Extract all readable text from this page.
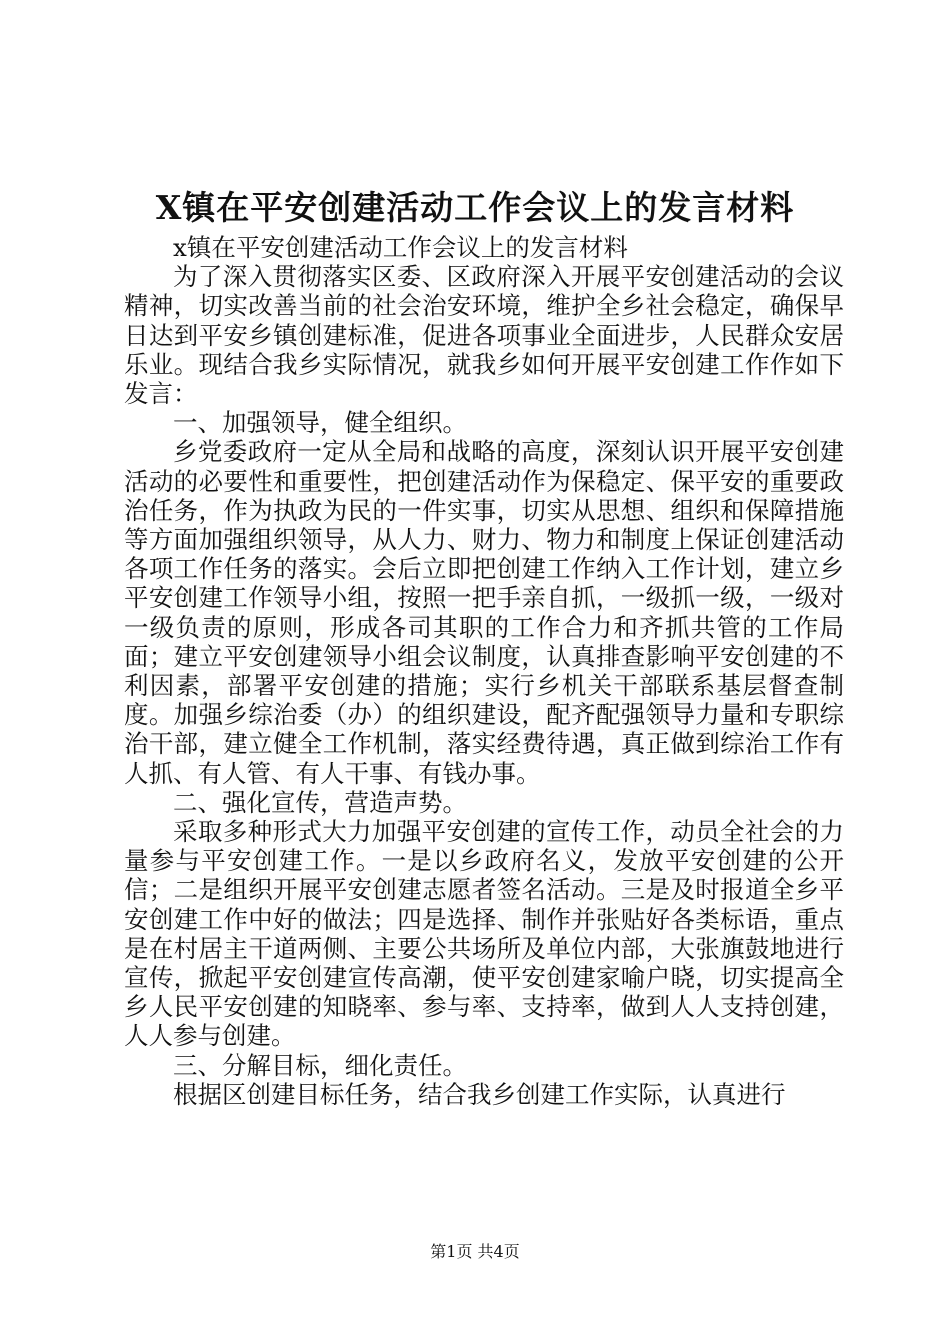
X镇在平安创建活动工作会议上的发言材料

x镇在平安创建活动工作会议上的发言材料

为了深入贯彻落实区委、区政府深入开展平安创建活动的会议精神，切实改善当前的社会治安环境，维护全乡社会稳定，确保早日达到平安乡镇创建标准，促进各项事业全面进步，人民群众安居乐业。现结合我乡实际情况，就我乡如何开展平安创建工作作如下发言：

一、加强领导，健全组织。

乡党委政府一定从全局和战略的高度，深刻认识开展平安创建活动的必要性和重要性，把创建活动作为保稳定、保平安的重要政治任务，作为执政为民的一件实事，切实从思想、组织和保障措施等方面加强组织领导，从人力、财力、物力和制度上保证创建活动各项工作任务的落实。会后立即把创建工作纳入工作计划，建立乡平安创建工作领导小组，按照一把手亲自抓，一级抓一级，一级对一级负责的原则，形成各司其职的工作合力和齐抓共管的工作局面；建立平安创建领导小组会议制度，认真排查影响平安创建的不利因素，部署平安创建的措施；实行乡机关干部联系基层督查制度。加强乡综治委（办）的组织建设，配齐配强领导力量和专职综治干部，建立健全工作机制，落实经费待遇，真正做到综治工作有人抓、有人管、有人干事、有钱办事。

二、强化宣传，营造声势。

采取多种形式大力加强平安创建的宣传工作，动员全社会的力量参与平安创建工作。一是以乡政府名义，发放平安创建的公开信；二是组织开展平安创建志愿者签名活动。三是及时报道全乡平安创建工作中好的做法；四是选择、制作并张贴好各类标语，重点是在村居主干道两侧、主要公共场所及单位内部，大张旗鼓地进行宣传，掀起平安创建宣传高潮，使平安创建家喻户晓，切实提高全乡人民平安创建的知晓率、参与率、支持率，做到人人支持创建，人人参与创建。

三、分解目标，细化责任。

根据区创建目标任务，结合我乡创建工作实际，认真进行

第1页 共4页
